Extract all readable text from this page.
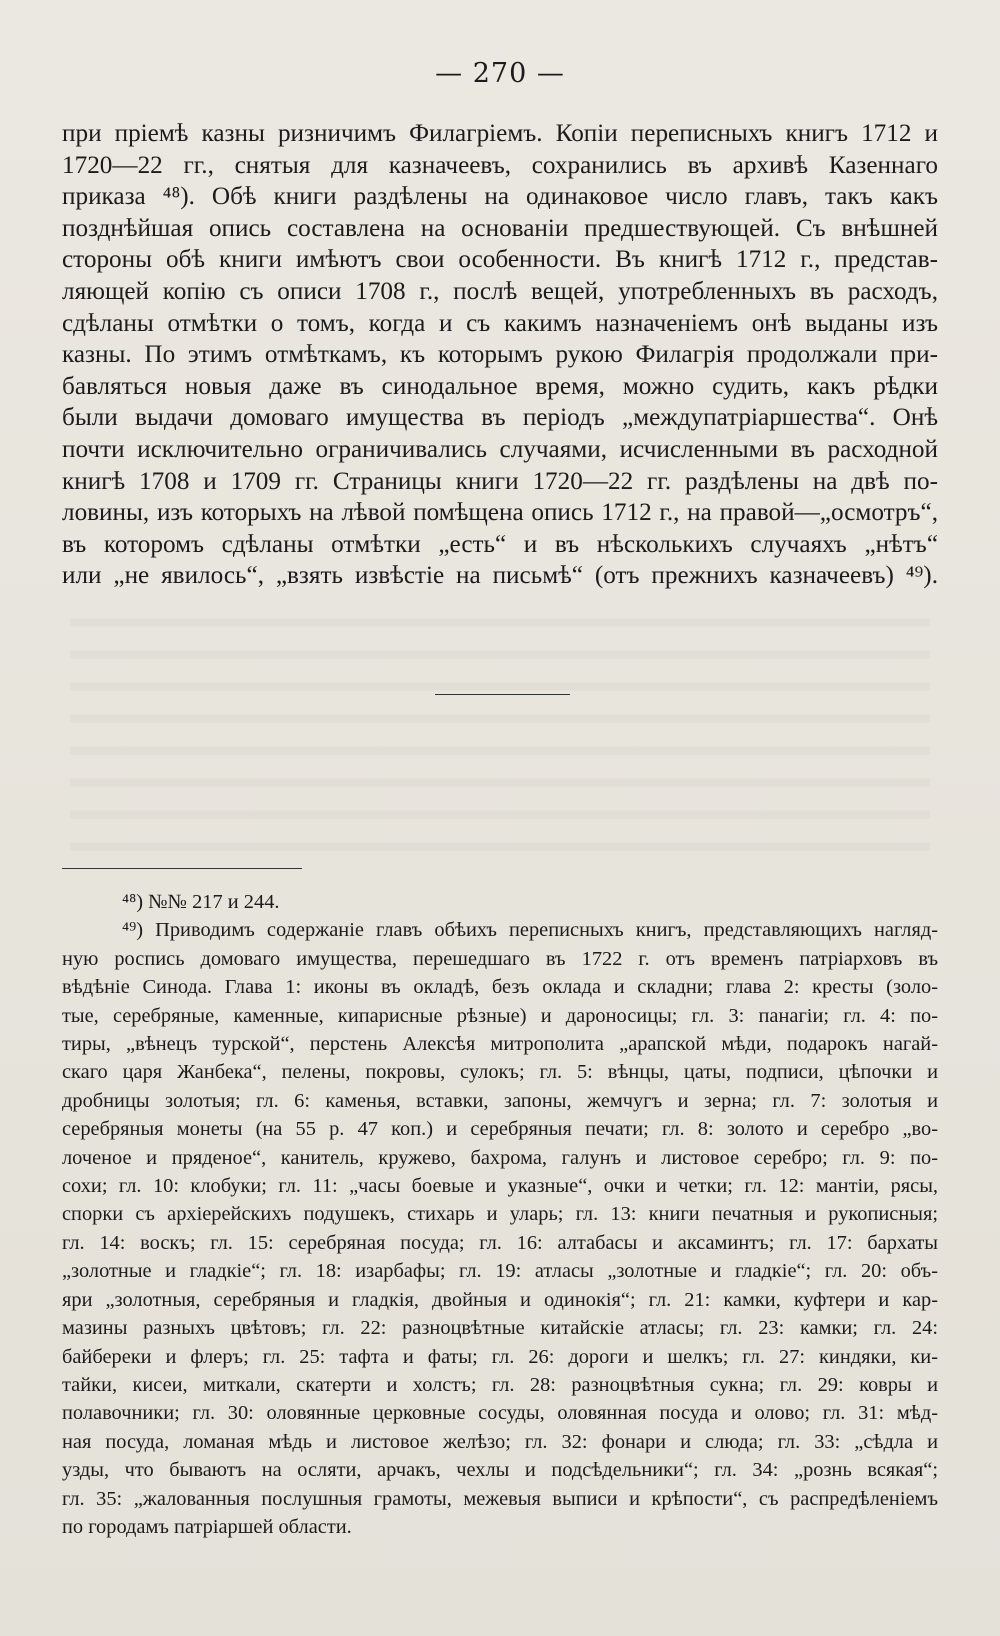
— 270 —
при пріемѣ казны ризничимъ Филагріемъ. Копіи переписныхъ книгъ 1712 и
1720—22 гг., снятыя для казначеевъ, сохранились въ архивѣ Казеннаго
приказа ⁴⁸). Обѣ книги раздѣлены на одинаковое число главъ, такъ какъ
позднѣйшая опись составлена на основаніи предшествующей. Съ внѣшней
стороны обѣ книги имѣютъ свои особенности. Въ книгѣ 1712 г., представ-
ляющей копію съ описи 1708 г., послѣ вещей, употребленныхъ въ расходъ,
сдѣланы отмѣтки о томъ, когда и съ какимъ назначеніемъ онѣ выданы изъ
казны. По этимъ отмѣткамъ, къ которымъ рукою Филагрія продолжали при-
бавляться новыя даже въ синодальное время, можно судить, какъ рѣдки
были выдачи домоваго имущества въ періодъ „междупатріаршества“. Онѣ
почти исключительно ограничивались случаями, исчисленными въ расходной
книгѣ 1708 и 1709 гг. Страницы книги 1720—22 гг. раздѣлены на двѣ по-
ловины, изъ которыхъ на лѣвой помѣщена опись 1712 г., на правой—„осмотръ“,
въ которомъ сдѣланы отмѣтки „есть“ и въ нѣсколькихъ случаяхъ „нѣтъ“
или „не явилось“, „взять извѣстіе на письмѣ“ (отъ прежнихъ казначеевъ) ⁴⁹).
⁴⁸) №№ 217 и 244.
⁴⁹) Приводимъ содержаніе главъ обѣихъ переписныхъ книгъ, представляющихъ нагляд-
ную роспись домоваго имущества, перешедшаго въ 1722 г. отъ временъ патріарховъ въ
вѣдѣніе Синода. Глава 1: иконы въ окладѣ, безъ оклада и складни; глава 2: кресты (золо-
тые, серебряные, каменные, кипарисные рѣзные) и дароносицы; гл. 3: панагіи; гл. 4: по-
тиры, „вѣнецъ турской“, перстень Алексѣя митрополита „арапской мѣди, подарокъ нагай-
скаго царя Жанбека“, пелены, покровы, сулокъ; гл. 5: вѣнцы, цаты, подписи, цѣпочки и
дробницы золотыя; гл. 6: каменья, вставки, запоны, жемчугъ и зерна; гл. 7: золотыя и
серебряныя монеты (на 55 р. 47 коп.) и серебряныя печати; гл. 8: золото и серебро „во-
лоченое и пряденое“, канитель, кружево, бахрома, галунъ и листовое серебро; гл. 9: по-
сохи; гл. 10: клобуки; гл. 11: „часы боевые и указные“, очки и четки; гл. 12: мантіи, рясы,
спорки съ архіерейскихъ подушекъ, стихарь и уларь; гл. 13: книги печатныя и рукописныя;
гл. 14: воскъ; гл. 15: серебряная посуда; гл. 16: алтабасы и аксаминтъ; гл. 17: бархаты
„золотные и гладкіе“; гл. 18: изарбафы; гл. 19: атласы „золотные и гладкіе“; гл. 20: объ-
яри „золотныя, серебряныя и гладкія, двойныя и одинокія“; гл. 21: камки, куфтери и кар-
мазины разныхъ цвѣтовъ; гл. 22: разноцвѣтные китайскіе атласы; гл. 23: камки; гл. 24:
байбереки и флеръ; гл. 25: тафта и фаты; гл. 26: дороги и шелкъ; гл. 27: киндяки, ки-
тайки, кисеи, миткали, скатерти и холстъ; гл. 28: разноцвѣтныя сукна; гл. 29: ковры и
полавочники; гл. 30: оловянные церковные сосуды, оловянная посуда и олово; гл. 31: мѣд-
ная посуда, ломаная мѣдь и листовое желѣзо; гл. 32: фонари и слюда; гл. 33: „сѣдла и
узды, что бываютъ на осляти, арчакъ, чехлы и подсѣдельники“; гл. 34: „рознь всякая“;
гл. 35: „жалованныя послушныя грамоты, межевыя выписи и крѣпости“, съ распредѣленіемъ
по городамъ патріаршей области.
